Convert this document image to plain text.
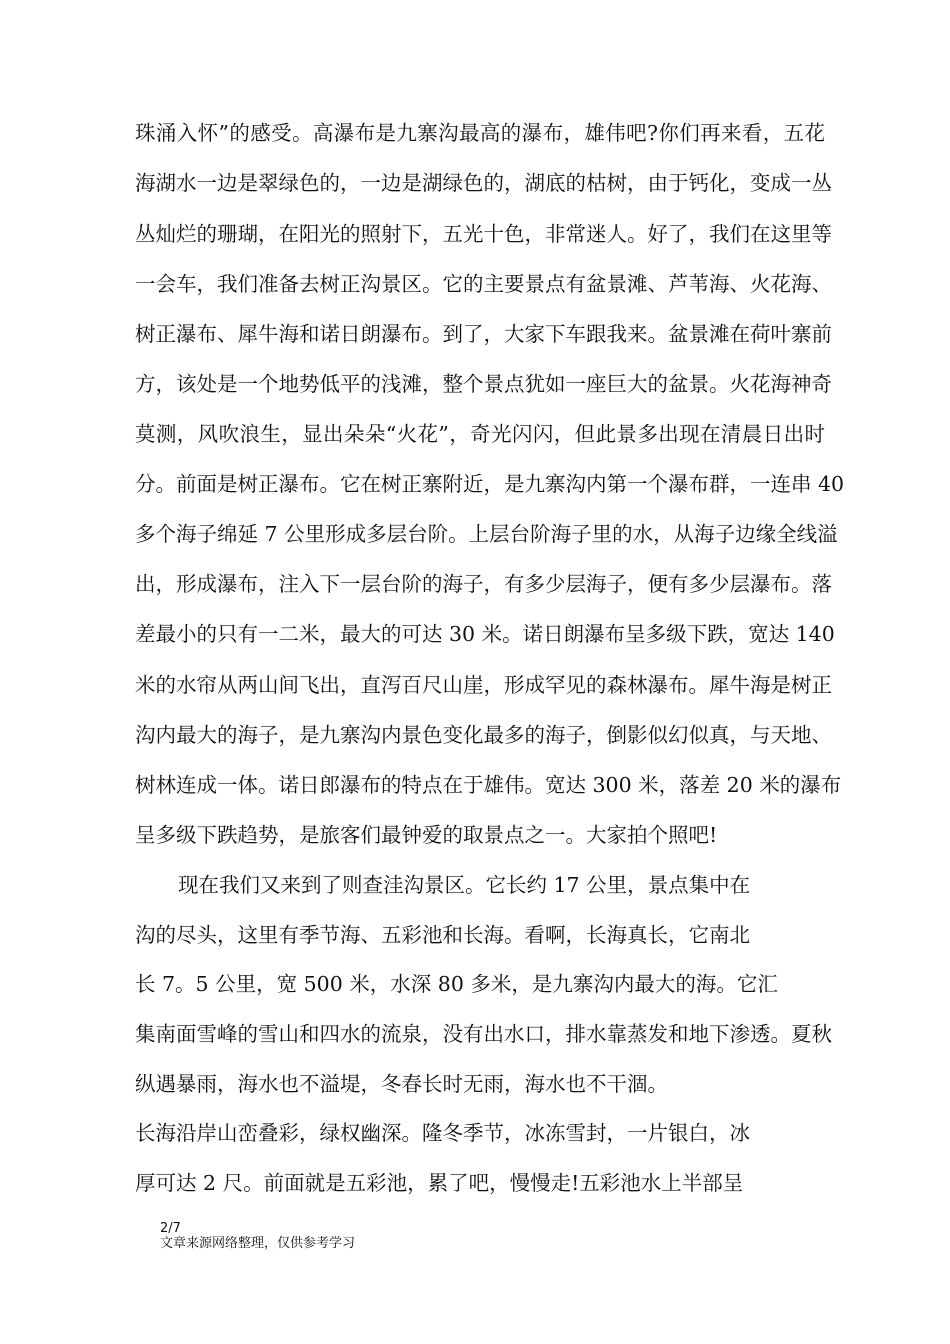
珠涌入怀”的感受。高瀑布是九寨沟最高的瀑布，雄伟吧?你们再来看，五花
海湖水一边是翠绿色的，一边是湖绿色的，湖底的枯树，由于钙化，变成一丛
丛灿烂的珊瑚，在阳光的照射下，五光十色，非常迷人。好了，我们在这里等
一会车，我们准备去树正沟景区。它的主要景点有盆景滩、芦苇海、火花海、
树正瀑布、犀牛海和诺日朗瀑布。到了，大家下车跟我来。盆景滩在荷叶寨前
方，该处是一个地势低平的浅滩，整个景点犹如一座巨大的盆景。火花海神奇
莫测，风吹浪生，显出朵朵“火花”，奇光闪闪，但此景多出现在清晨日出时
分。前面是树正瀑布。它在树正寨附近，是九寨沟内第一个瀑布群，一连串 40
多个海子绵延 7 公里形成多层台阶。上层台阶海子里的水，从海子边缘全线溢
出，形成瀑布，注入下一层台阶的海子，有多少层海子，便有多少层瀑布。落
差最小的只有一二米，最大的可达 30 米。诺日朗瀑布呈多级下跌，宽达 140
米的水帘从两山间飞出，直泻百尺山崖，形成罕见的森林瀑布。犀牛海是树正
沟内最大的海子，是九寨沟内景色变化最多的海子，倒影似幻似真，与天地、
树林连成一体。诺日郎瀑布的特点在于雄伟。宽达 300 米，落差 20 米的瀑布
呈多级下跌趋势，是旅客们最钟爱的取景点之一。大家拍个照吧!
现在我们又来到了则查洼沟景区。它长约 17 公里，景点集中在
沟的尽头，这里有季节海、五彩池和长海。看啊，长海真长，它南北
长 7。5 公里，宽 500 米，水深 80 多米，是九寨沟内最大的海。它汇
集南面雪峰的雪山和四水的流泉，没有出水口，排水靠蒸发和地下渗透。夏秋
纵遇暴雨，海水也不溢堤，冬春长时无雨，海水也不干涸。
长海沿岸山峦叠彩，绿权幽深。隆冬季节，冰冻雪封，一片银白，冰
厚可达 2 尺。前面就是五彩池，累了吧，慢慢走!五彩池水上半部呈
2/7
文章来源网络整理，仅供参考学习
